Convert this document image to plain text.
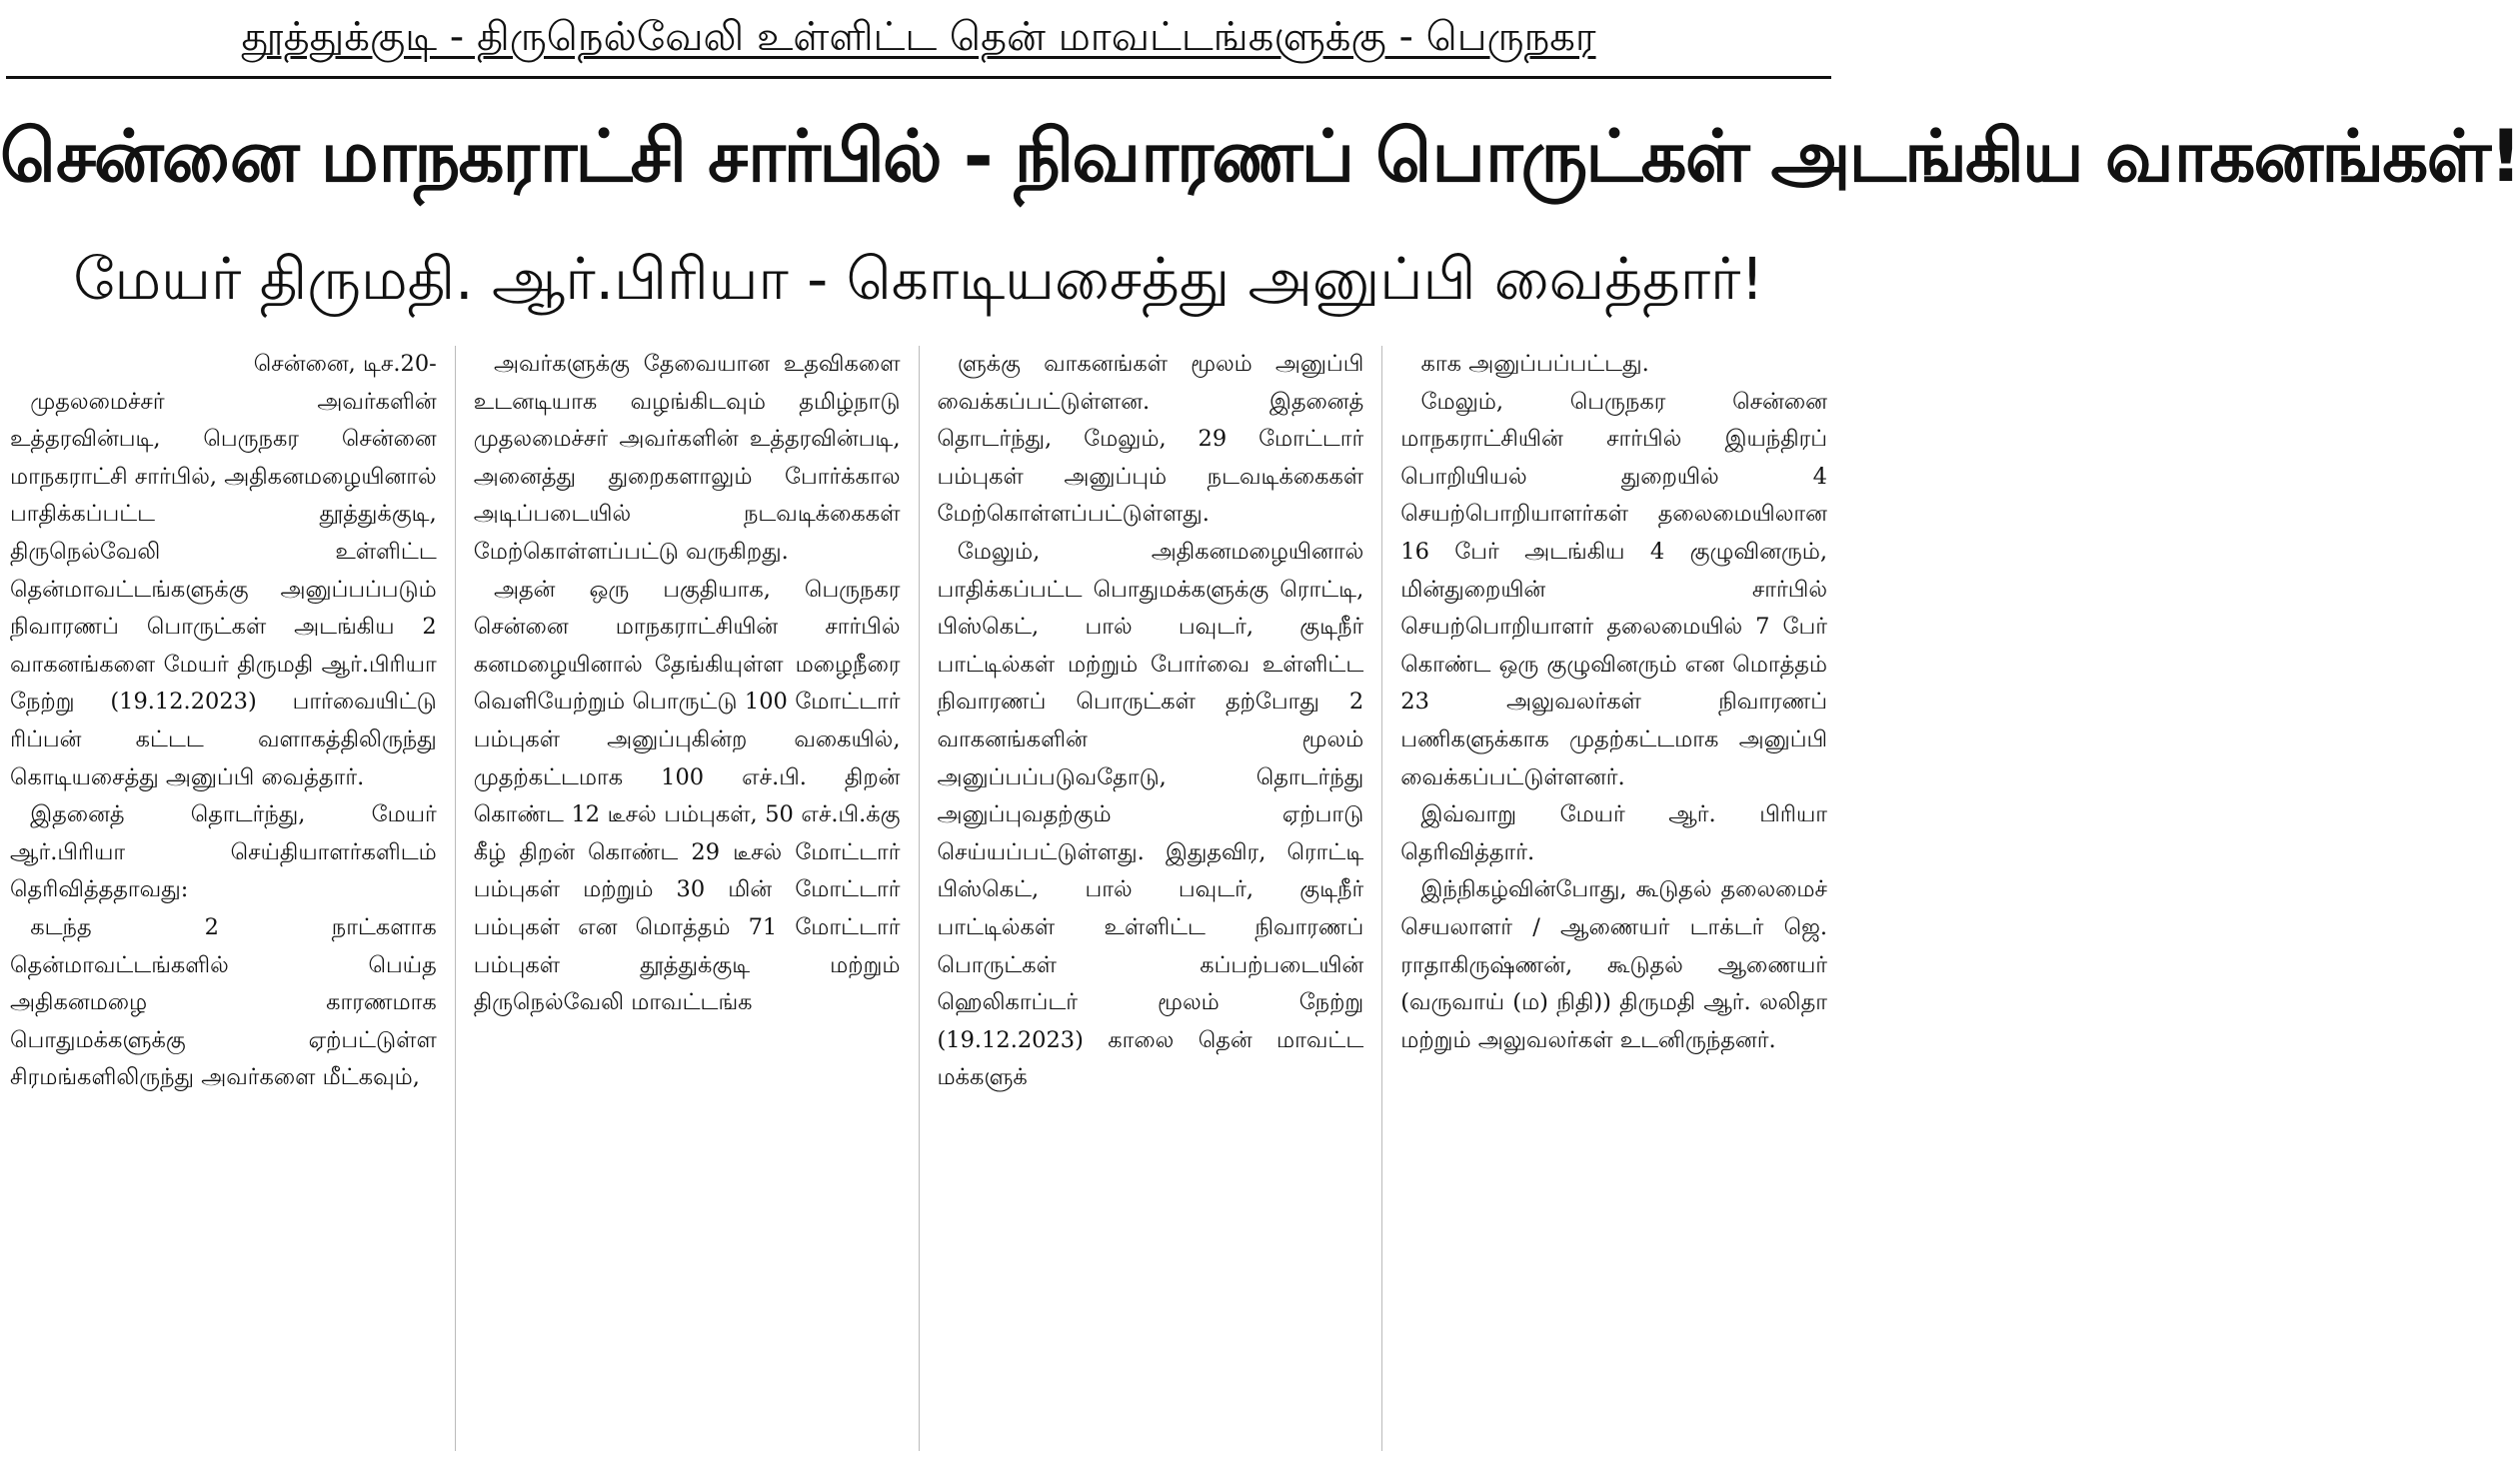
தூத்துக்குடி - திருநெல்வேலி உள்ளிட்ட தென் மாவட்டங்களுக்கு - பெருநகர
சென்னை மாநகராட்சி சார்பில் - நிவாரணப் பொருட்கள் அடங்கிய வாகனங்கள்!
மேயர் திருமதி. ஆர்.பிரியா - கொடியசைத்து அனுப்பி வைத்தார்!

சென்னை, டிச.20-

முதலமைச்சர் அவர்களின் உத்தரவின்படி, பெருநகர சென்னை மாநகராட்சி சார்பில், அதிகனமழையினால் பாதிக்கப்பட்ட தூத்துக்குடி, திருநெல்வேலி உள்ளிட்ட தென்மாவட்டங்களுக்கு அனுப்பப்படும் நிவாரணப் பொருட்கள் அடங்கிய 2 வாகனங்களை மேயர் திருமதி ஆர்.பிரியா நேற்று (19.12.2023) பார்வையிட்டு ரிப்பன் கட்டட வளாகத்திலிருந்து கொடியசைத்து அனுப்பி வைத்தார்.

இதனைத் தொடர்ந்து, மேயர் ஆர்.பிரியா செய்தியாளர்களிடம் தெரிவித்ததாவது:

கடந்த 2 நாட்களாக தென்மாவட்டங்களில் பெய்த அதிகனமழை காரணமாக பொதுமக்களுக்கு ஏற்பட்டுள்ள சிரமங்களிலிருந்து அவர்களை மீட்கவும்,

அவர்களுக்கு தேவையான உதவிகளை உடனடியாக வழங்கிடவும் தமிழ்நாடு முதலமைச்சர் அவர்களின் உத்தரவின்படி, அனைத்து துறைகளாலும் போர்க்கால அடிப்படையில் நடவடிக்கைகள் மேற்கொள்ளப்பட்டு வருகிறது.

அதன் ஒரு பகுதியாக, பெருநகர சென்னை மாநகராட்சியின் சார்பில் கனமழையினால் தேங்கியுள்ள மழைநீரை வெளியேற்றும் பொருட்டு 100 மோட்டார் பம்புகள் அனுப்புகின்ற வகையில், முதற்கட்டமாக 100 எச்.பி. திறன் கொண்ட 12 டீசல் பம்புகள், 50 எச்.பி.க்கு கீழ் திறன் கொண்ட 29 டீசல் மோட்டார் பம்புகள் மற்றும் 30 மின் மோட்டார் பம்புகள் என மொத்தம் 71 மோட்டார் பம்புகள் தூத்துக்குடி மற்றும் திருநெல்வேலி மாவட்டங்க

ளுக்கு வாகனங்கள் மூலம் அனுப்பி வைக்கப்பட்டுள்ளன. இதனைத் தொடர்ந்து, மேலும், 29 மோட்டார் பம்புகள் அனுப்பும் நடவடிக்கைகள் மேற்கொள்ளப்பட்டுள்ளது.

மேலும், அதிகனமழையினால் பாதிக்கப்பட்ட பொதுமக்களுக்கு ரொட்டி, பிஸ்கெட், பால் பவுடர், குடிநீர் பாட்டில்கள் மற்றும் போர்வை உள்ளிட்ட நிவாரணப் பொருட்கள் தற்போது 2 வாகனங்களின் மூலம் அனுப்பப்படுவதோடு, தொடர்ந்து அனுப்புவதற்கும் ஏற்பாடு செய்யப்பட்டுள்ளது. இதுதவிர, ரொட்டி பிஸ்கெட், பால் பவுடர், குடிநீர் பாட்டில்கள் உள்ளிட்ட நிவாரணப் பொருட்கள் கப்பற்படையின் ஹெலிகாப்டர் மூலம் நேற்று (19.12.2023) காலை தென் மாவட்ட மக்களுக்

காக அனுப்பப்பட்டது.

மேலும், பெருநகர சென்னை மாநகராட்சியின் சார்பில் இயந்திரப் பொறியியல் துறையில் 4 செயற்பொறியாளர்கள் தலைமையிலான 16 பேர் அடங்கிய 4 குழுவினரும், மின்துறையின் சார்பில் செயற்பொறியாளர் தலைமையில் 7 பேர் கொண்ட ஒரு குழுவினரும் என மொத்தம் 23 அலுவலர்கள் நிவாரணப் பணிகளுக்காக முதற்கட்டமாக அனுப்பி வைக்கப்பட்டுள்ளனர்.

இவ்வாறு மேயர் ஆர். பிரியா தெரிவித்தார்.

இந்நிகழ்வின்போது, கூடுதல் தலைமைச் செயலாளர் / ஆணையர் டாக்டர் ஜெ. ராதாகிருஷ்ணன், கூடுதல் ஆணையர் (வருவாய் (ம) நிதி)) திருமதி ஆர். லலிதா மற்றும் அலுவலர்கள் உடனிருந்தனர்.
